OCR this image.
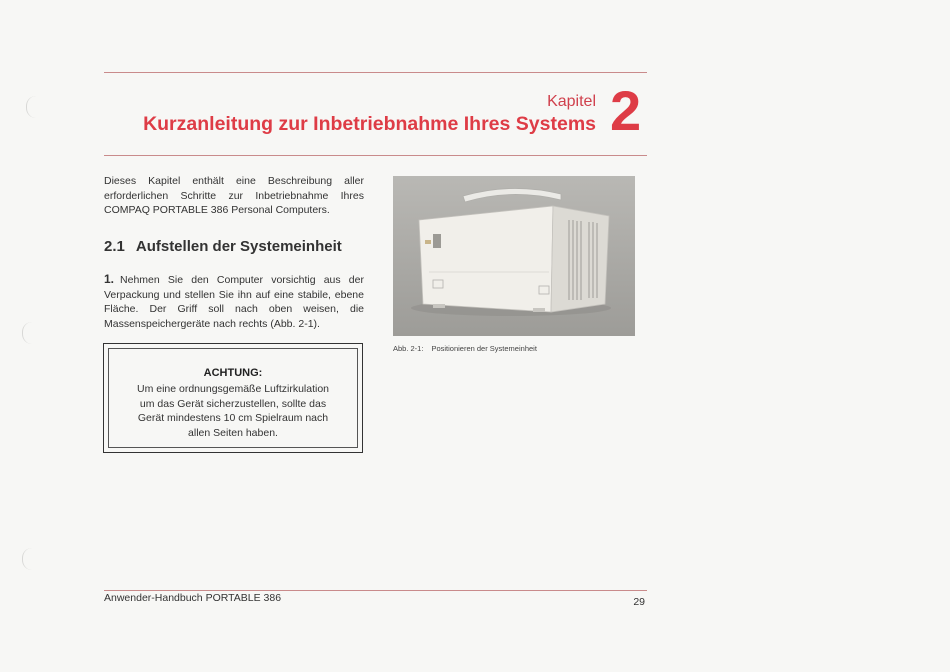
Kapitel 2
Kurzanleitung zur Inbetriebnahme Ihres Systems
Dieses Kapitel enthält eine Beschreibung aller erforderlichen Schritte zur Inbetriebnahme Ihres COMPAQ PORTABLE 386 Personal Computers.
2.1 Aufstellen der Systemeinheit
1. Nehmen Sie den Computer vorsichtig aus der Verpackung und stellen Sie ihn auf eine stabile, ebene Fläche. Der Griff soll nach oben weisen, die Massenspeichergeräte nach rechts (Abb. 2-1).
ACHTUNG:
Um eine ordnungsgemäße Luftzirkulation
um das Gerät sicherzustellen, sollte das
Gerät mindestens 10 cm Spielraum nach
allen Seiten haben.
Abb. 2-1: Positionieren der Systemeinheit
Anwender-Handbuch PORTABLE 386	29
